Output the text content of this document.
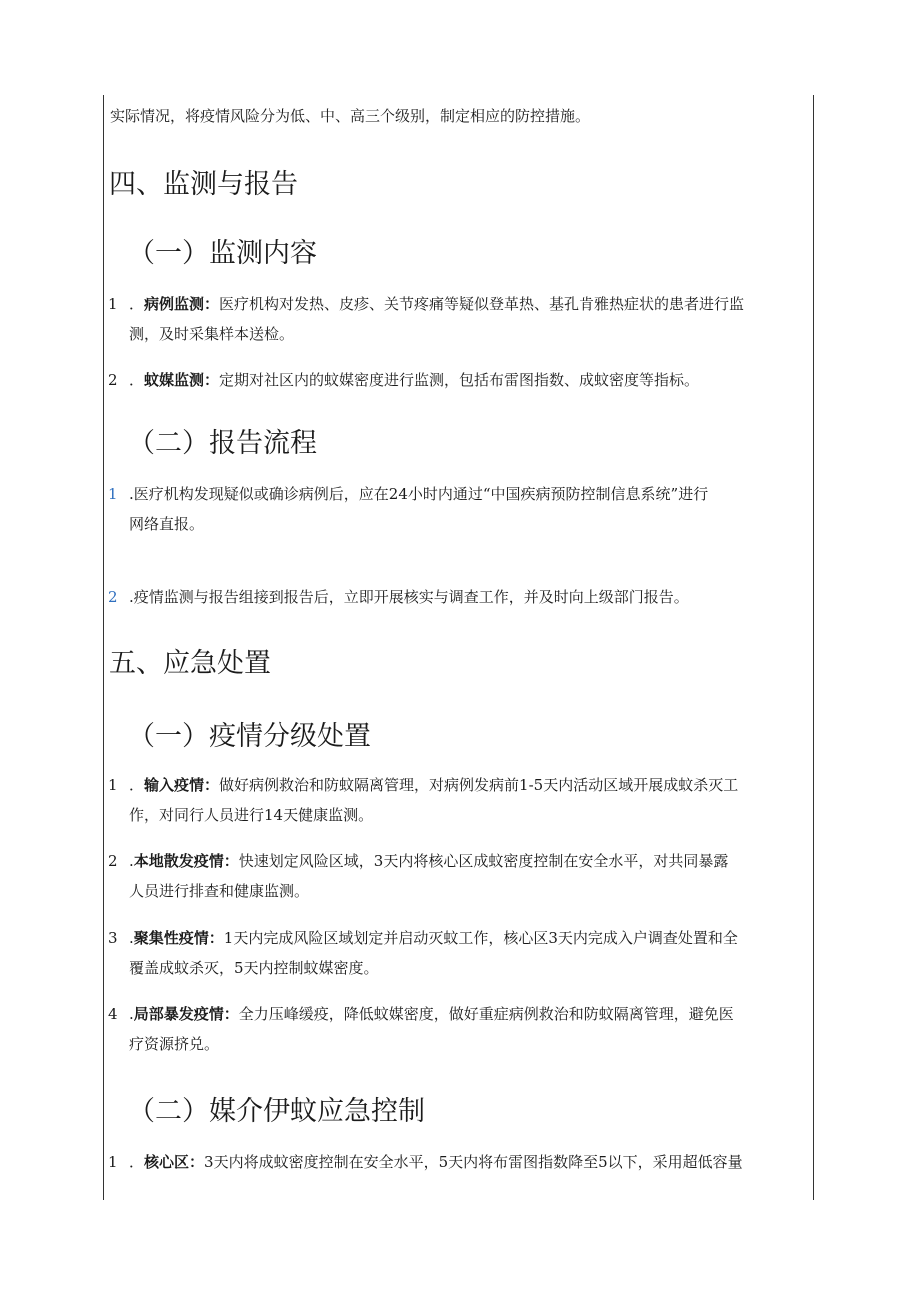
实际情况，将疫情风险分为低、中、高三个级别，制定相应的防控措施。
四、监测与报告
（一）监测内容
1 ．病例监测：医疗机构对发热、皮疹、关节疼痛等疑似登革热、基孔肯雅热症状的患者进行监
测，及时采集样本送检。
2 ．蚊媒监测：定期对社区内的蚊媒密度进行监测，包括布雷图指数、成蚊密度等指标。
（二）报告流程
1 .医疗机构发现疑似或确诊病例后，应在24小时内通过“中国疾病预防控制信息系统”进行
网络直报。
2 .疫情监测与报告组接到报告后，立即开展核实与调查工作，并及时向上级部门报告。
五、应急处置
（一）疫情分级处置
1 ．输入疫情：做好病例救治和防蚊隔离管理，对病例发病前1-5天内活动区域开展成蚊杀灭工
作，对同行人员进行14天健康监测。
2 .本地散发疫情：快速划定风险区域，3天内将核心区成蚊密度控制在安全水平，对共同暴露
人员进行排查和健康监测。
3 .聚集性疫情：1天内完成风险区域划定并启动灭蚊工作，核心区3天内完成入户调查处置和全
覆盖成蚊杀灭，5天内控制蚊媒密度。
4 .局部暴发疫情：全力压峰缓疫，降低蚊媒密度，做好重症病例救治和防蚊隔离管理，避免医
疗资源挤兑。
（二）媒介伊蚊应急控制
1 ．核心区：3天内将成蚊密度控制在安全水平，5天内将布雷图指数降至5以下，采用超低容量
